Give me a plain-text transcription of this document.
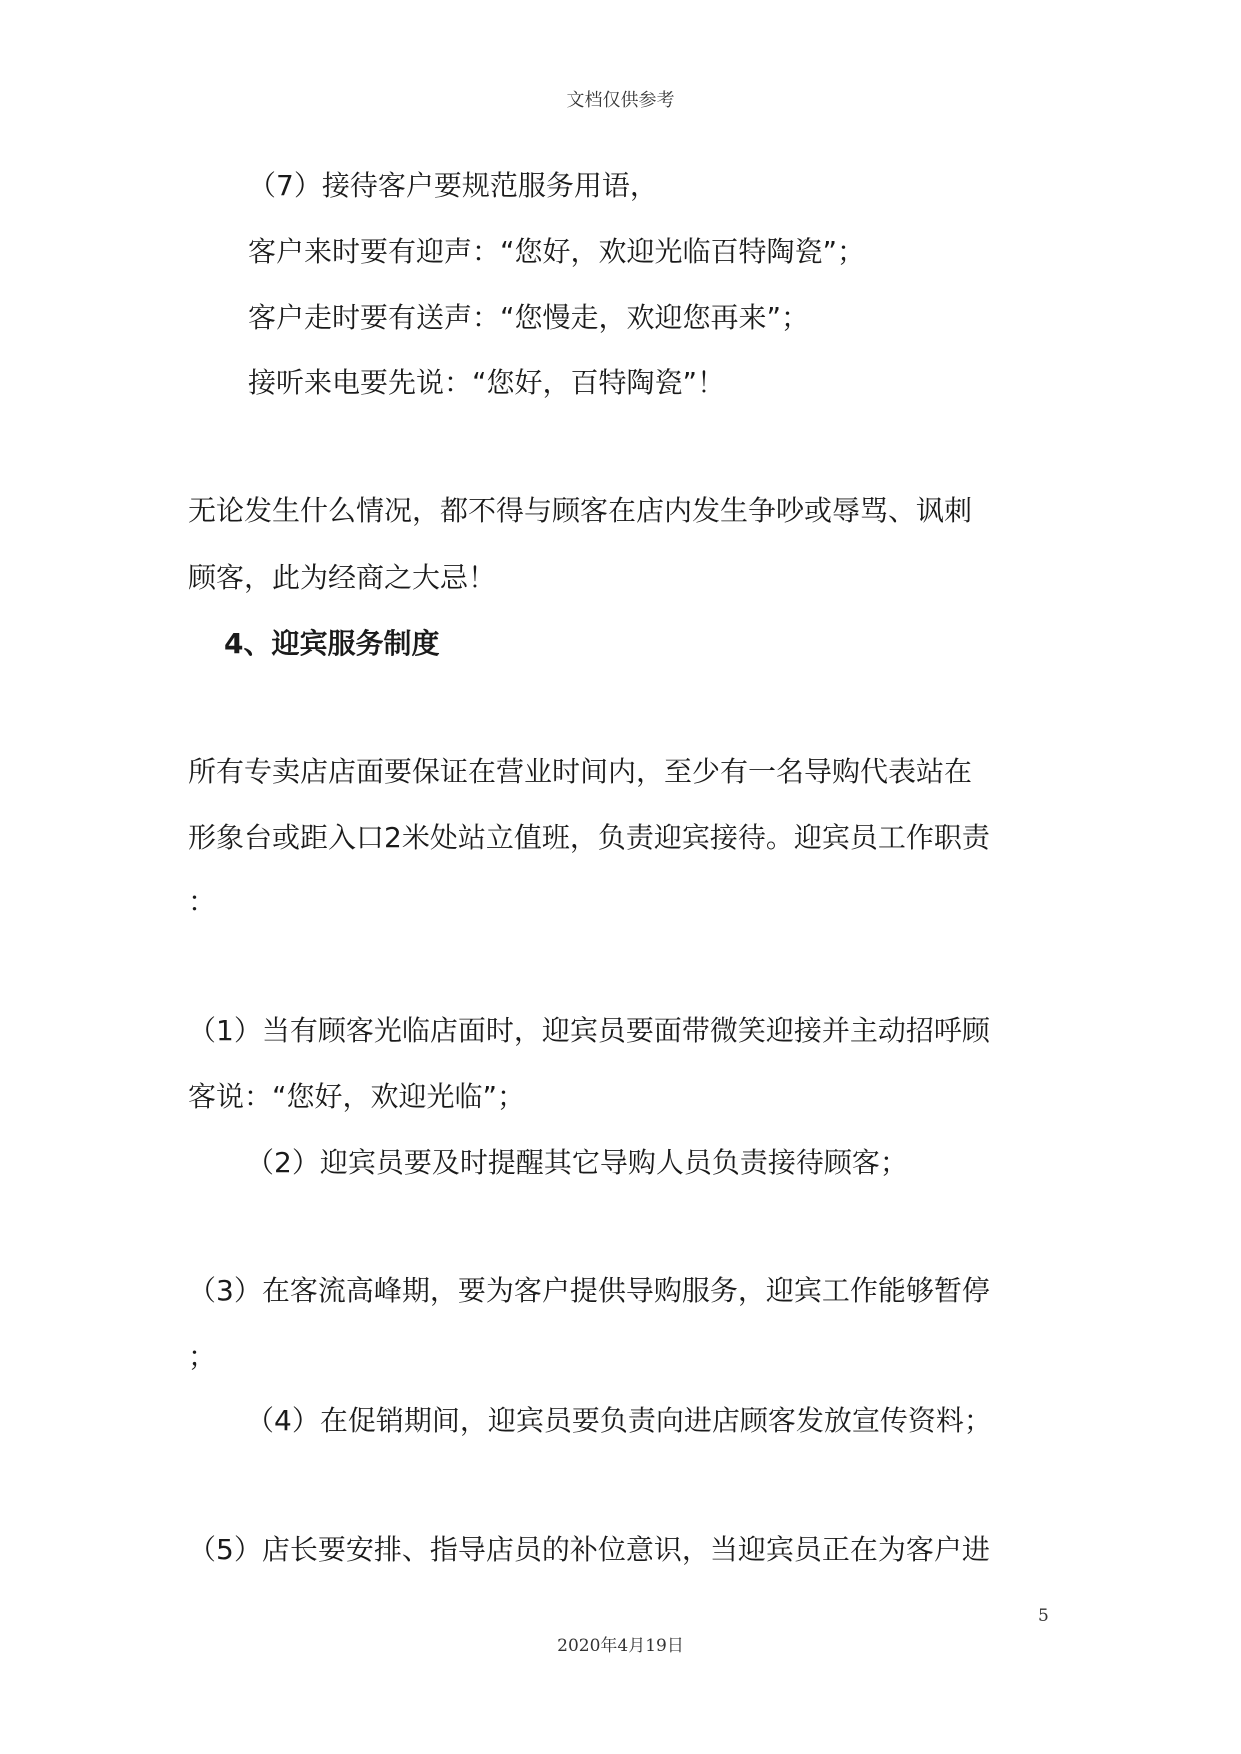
文档仅供参考
（7）接待客户要规范服务用语，
客户来时要有迎声：“您好，欢迎光临百特陶瓷”；
客户走时要有送声：“您慢走，欢迎您再来”；
接听来电要先说：“您好，百特陶瓷”！
无论发生什么情况，都不得与顾客在店内发生争吵或辱骂、讽刺
顾客，此为经商之大忌！
4、迎宾服务制度
所有专卖店店面要保证在营业时间内，至少有一名导购代表站在
形象台或距入口2米处站立值班，负责迎宾接待。迎宾员工作职责
：
（1）当有顾客光临店面时，迎宾员要面带微笑迎接并主动招呼顾
客说：“您好，欢迎光临”；
（2）迎宾员要及时提醒其它导购人员负责接待顾客；
（3）在客流高峰期，要为客户提供导购服务，迎宾工作能够暂停
；
（4）在促销期间，迎宾员要负责向进店顾客发放宣传资料；
（5）店长要安排、指导店员的补位意识，当迎宾员正在为客户进
5
2020年4月19日
